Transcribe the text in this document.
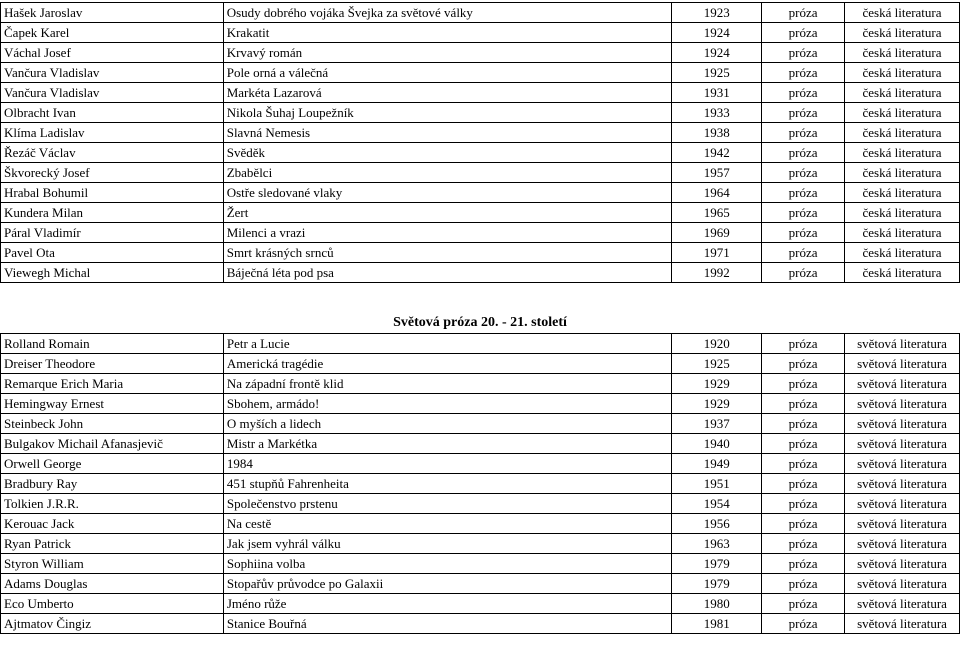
Hašek Jaroslav	Osudy dobrého vojáka Švejka za světové války	1923	próza	česká literatura
Čapek Karel	Krakatit	1924	próza	česká literatura
Váchal Josef	Krvavý román	1924	próza	česká literatura
Vančura Vladislav	Pole orná a válečná	1925	próza	česká literatura
Vančura Vladislav	Markéta Lazarová	1931	próza	česká literatura
Olbracht Ivan	Nikola Šuhaj Loupežník	1933	próza	česká literatura
Klíma Ladislav	Slavná Nemesis	1938	próza	česká literatura
Řezáč Václav	Svěděk	1942	próza	česká literatura
Škvorecký Josef	Zbabělci	1957	próza	česká literatura
Hrabal Bohumil	Ostře sledované vlaky	1964	próza	česká literatura
Kundera Milan	Žert	1965	próza	česká literatura
Páral Vladimír	Milenci a vrazi	1969	próza	česká literatura
Pavel Ota	Smrt krásných srnců	1971	próza	česká literatura
Viewegh Michal	Báječná léta pod psa	1992	próza	česká literatura
Světová próza 20. - 21. století
Rolland Romain	Petr a Lucie	1920	próza	světová literatura
Dreiser Theodore	Americká tragédie	1925	próza	světová literatura
Remarque Erich Maria	Na západní frontě klid	1929	próza	světová literatura
Hemingway Ernest	Sbohem, armádo!	1929	próza	světová literatura
Steinbeck John	O myších a lidech	1937	próza	světová literatura
Bulgakov Michail Afanasjevič	Mistr a Markétka	1940	próza	světová literatura
Orwell George	1984	1949	próza	světová literatura
Bradbury Ray	451 stupňů Fahrenheita	1951	próza	světová literatura
Tolkien J.R.R.	Společenstvo prstenu	1954	próza	světová literatura
Kerouac Jack	Na cestě	1956	próza	světová literatura
Ryan Patrick	Jak jsem vyhrál válku	1963	próza	světová literatura
Styron William	Sophiina volba	1979	próza	světová literatura
Adams Douglas	Stopařův průvodce po Galaxii	1979	próza	světová literatura
Eco Umberto	Jméno růže	1980	próza	světová literatura
Ajtmatov Čingiz	Stanice Bouřná	1981	próza	světová literatura
